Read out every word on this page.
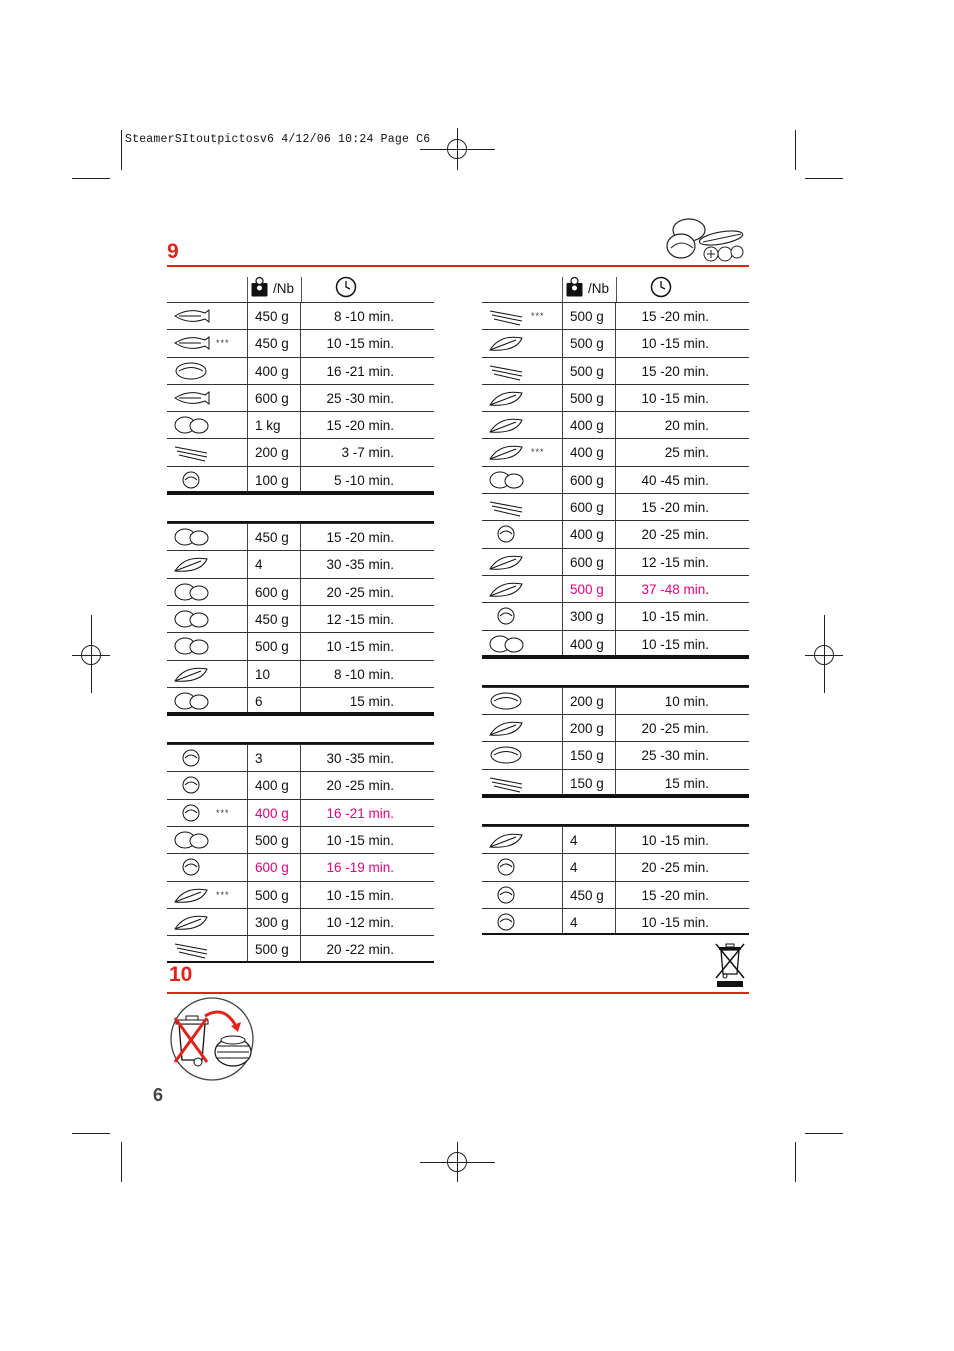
SteamerSItoutpictosv6 4/12/06 10:24 Page C6
9
/Nb
450 g	8 -10 min.
***	450 g	10 -15 min.
400 g	16 -21 min.
600 g	25 -30 min.
1 kg	15 -20 min.
200 g	3 -7 min.
100 g	5 -10 min.
450 g	15 -20 min.
4	30 -35 min.
600 g	20 -25 min.
450 g	12 -15 min.
500 g	10 -15 min.
10	8 -10 min.
6	15 min.
3	30 -35 min.
400 g	20 -25 min.
***	400 g	16 -21 min.
500 g	10 -15 min.
600 g	16 -19 min.
***	500 g	10 -15 min.
300 g	10 -12 min.
500 g	20 -22 min.
/Nb
***	500 g	15 -20 min.
500 g	10 -15 min.
500 g	15 -20 min.
500 g	10 -15 min.
400 g	20 min.
***	400 g	25 min.
600 g	40 -45 min.
600 g	15 -20 min.
400 g	20 -25 min.
600 g	12 -15 min.
500 g	37 -48 min.
300 g	10 -15 min.
400 g	10 -15 min.
200 g	10 min.
200 g	20 -25 min.
150 g	25 -30 min.
150 g	15 min.
4	10 -15 min.
4	20 -25 min.
450 g	15 -20 min.
4	10 -15 min.
10
6
